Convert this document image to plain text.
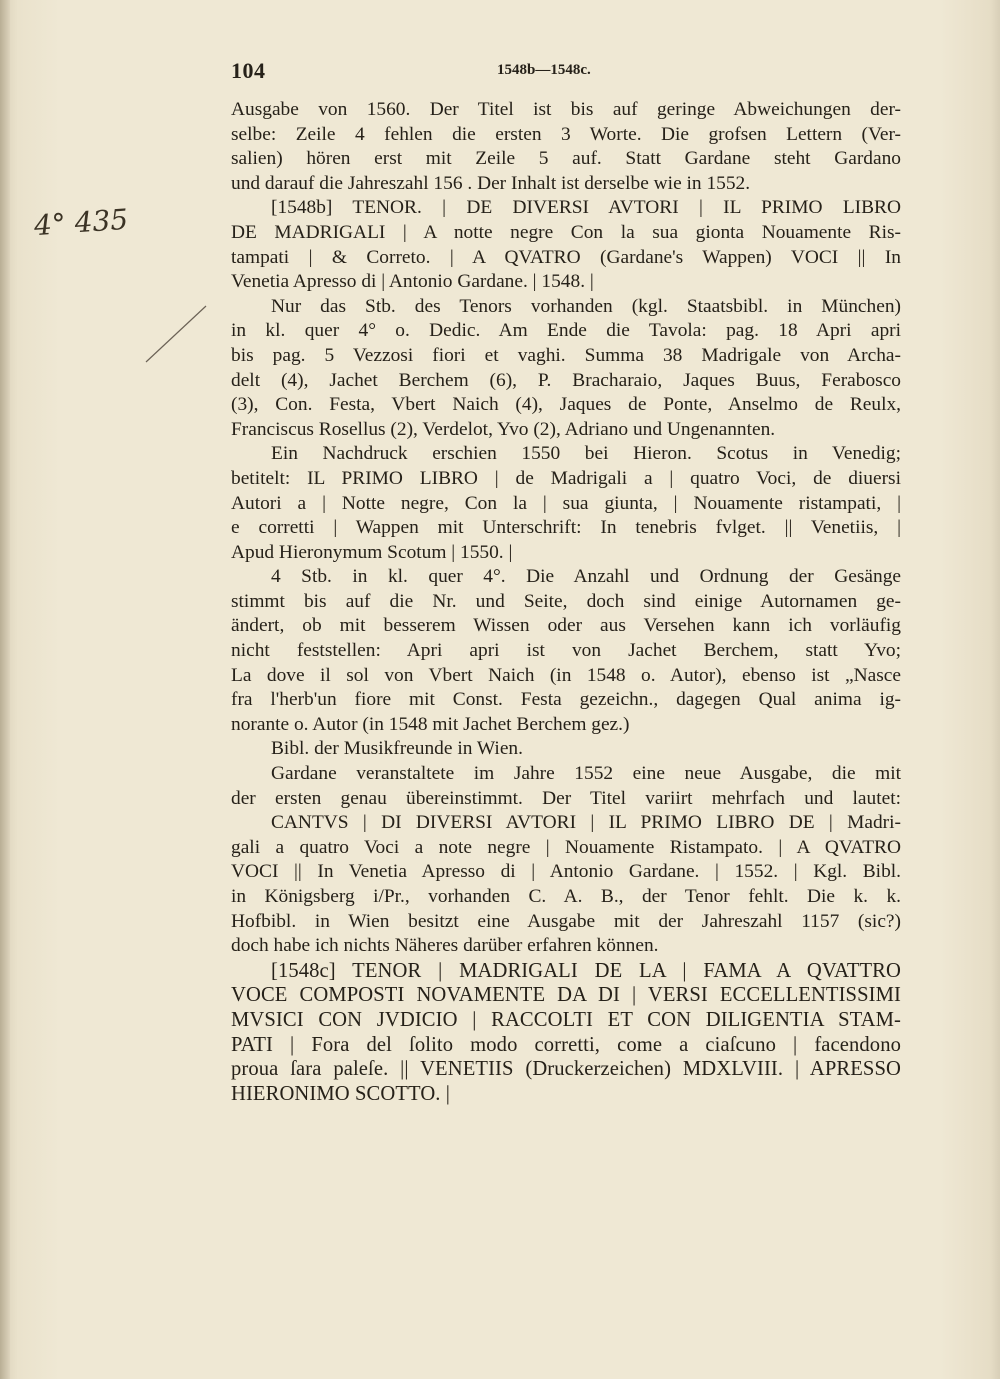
104	1548b—1548c.
4° 435
Ausgabe von 1560. Der Titel ist bis auf geringe Abweichungen der-
selbe: Zeile 4 fehlen die ersten 3 Worte. Die grofsen Lettern (Ver-
salien) hören erst mit Zeile 5 auf. Statt Gardane steht Gardano
und darauf die Jahreszahl 156 . Der Inhalt ist derselbe wie in 1552.
[1548b] TENOR. | DE DIVERSI AVTORI | IL PRIMO LIBRO
DE MADRIGALI | A notte negre Con la sua gionta Nouamente Ris-
tampati | & Correto. | A QVATRO (Gardane's Wappen) VOCI || In
Venetia Apresso di | Antonio Gardane. | 1548. |
Nur das Stb. des Tenors vorhanden (kgl. Staatsbibl. in München)
in kl. quer 4° o. Dedic. Am Ende die Tavola: pag. 18 Apri apri
bis pag. 5 Vezzosi fiori et vaghi. Summa 38 Madrigale von Archa-
delt (4), Jachet Berchem (6), P. Bracharaio, Jaques Buus, Ferabosco
(3), Con. Festa, Vbert Naich (4), Jaques de Ponte, Anselmo de Reulx,
Franciscus Rosellus (2), Verdelot, Yvo (2), Adriano und Ungenannten.
Ein Nachdruck erschien 1550 bei Hieron. Scotus in Venedig;
betitelt: IL PRIMO LIBRO | de Madrigali a | quatro Voci, de diuersi
Autori a | Notte negre, Con la | sua giunta, | Nouamente ristampati, |
e corretti | Wappen mit Unterschrift: In tenebris fvlget. || Venetiis, |
Apud Hieronymum Scotum | 1550. |
4 Stb. in kl. quer 4°. Die Anzahl und Ordnung der Gesänge
stimmt bis auf die Nr. und Seite, doch sind einige Autornamen ge-
ändert, ob mit besserem Wissen oder aus Versehen kann ich vorläufig
nicht feststellen: Apri apri ist von Jachet Berchem, statt Yvo;
La dove il sol von Vbert Naich (in 1548 o. Autor), ebenso ist „Nasce
fra l'herb'un fiore mit Const. Festa gezeichn., dagegen Qual anima ig-
norante o. Autor (in 1548 mit Jachet Berchem gez.)
Bibl. der Musikfreunde in Wien.
Gardane veranstaltete im Jahre 1552 eine neue Ausgabe, die mit
der ersten genau übereinstimmt. Der Titel variirt mehrfach und lautet:
CANTVS | DI DIVERSI AVTORI | IL PRIMO LIBRO DE | Madri-
gali a quatro Voci a note negre | Nouamente Ristampato. | A QVATRO
VOCI || In Venetia Apresso di | Antonio Gardane. | 1552. | Kgl. Bibl.
in Königsberg i/Pr., vorhanden C. A. B., der Tenor fehlt. Die k. k.
Hofbibl. in Wien besitzt eine Ausgabe mit der Jahreszahl 1157 (sic?)
doch habe ich nichts Näheres darüber erfahren können.
[1548c] TENOR | MADRIGALI DE LA | FAMA A QVATTRO
VOCE COMPOSTI NOVAMENTE DA DI | VERSI ECCELLENTISSIMI
MVSICI CON JVDICIO | RACCOLTI ET CON DILIGENTIA STAM-
PATI | Fora del ſolito modo corretti, come a ciaſcuno | facendono
proua ſara paleſe. || VENETIIS (Druckerzeichen) MDXLVIII. | APRESSO
HIERONIMO SCOTTO. |
